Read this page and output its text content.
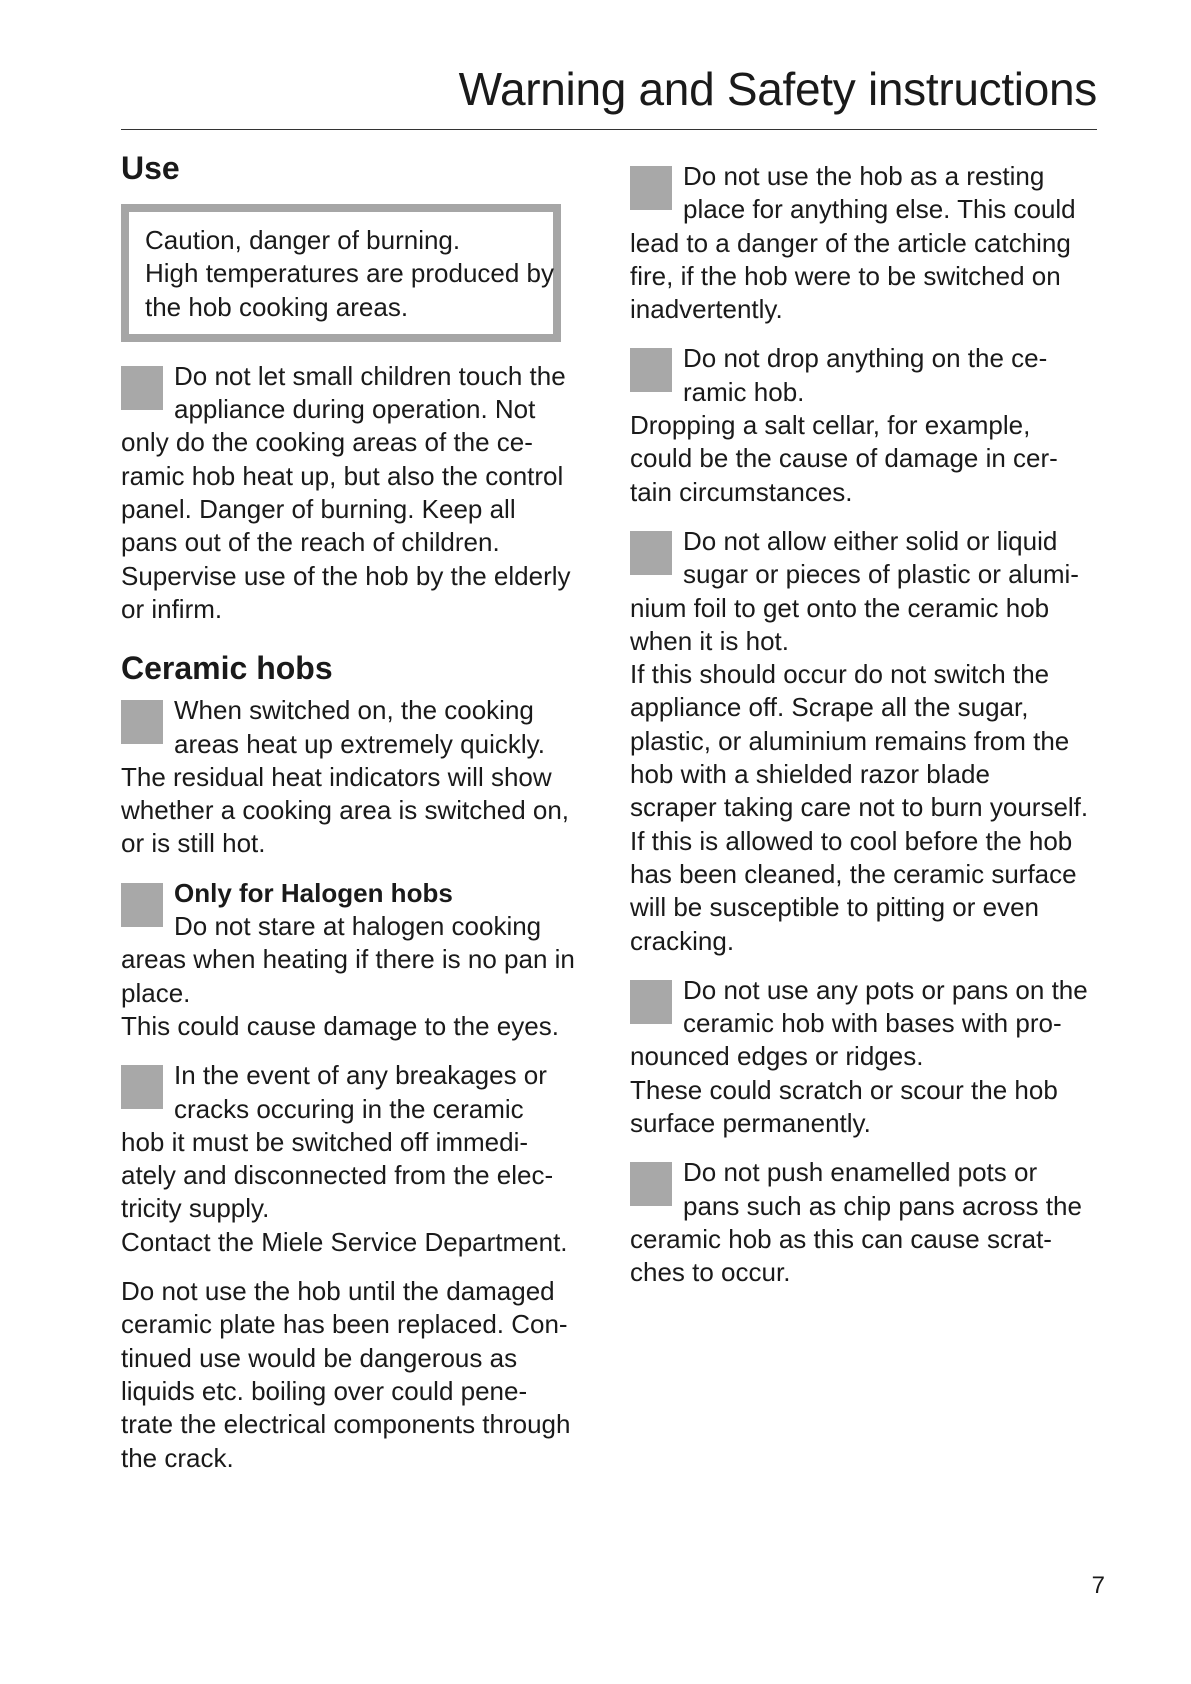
Warning and Safety instructions
Use
Caution, danger of burning.
High temperatures are produced by
the hob cooking areas.
Do not let small children touch the
appliance during operation. Not
only do the cooking areas of the ce-
ramic hob heat up, but also the control
panel. Danger of burning. Keep all
pans out of the reach of children.
Supervise use of the hob by the elderly
or infirm.
Ceramic hobs
When switched on, the cooking
areas heat up extremely quickly.
The residual heat indicators will show
whether a cooking area is switched on,
or is still hot.
Only for Halogen hobs
Do not stare at halogen cooking
areas when heating if there is no pan in
place.
This could cause damage to the eyes.
In the event of any breakages or
cracks occuring in the ceramic
hob it must be switched off immedi-
ately and disconnected from the elec-
tricity supply.
Contact the Miele Service Department.
Do not use the hob until the damaged
ceramic plate has been replaced. Con-
tinued use would be dangerous as
liquids etc. boiling over could pene-
trate the electrical components through
the crack.
Do not use the hob as a resting
place for anything else. This could
lead to a danger of the article catching
fire, if the hob were to be switched on
inadvertently.
Do not drop anything on the ce-
ramic hob.
Dropping a salt cellar, for example,
could be the cause of damage in cer-
tain circumstances.
Do not allow either solid or liquid
sugar or pieces of plastic or alumi-
nium foil to get onto the ceramic hob
when it is hot.
If this should occur do not switch the
appliance off. Scrape all the sugar,
plastic, or aluminium remains from the
hob with a shielded razor blade
scraper taking care not to burn yourself.
If this is allowed to cool before the hob
has been cleaned, the ceramic surface
will be susceptible to pitting or even
cracking.
Do not use any pots or pans on the
ceramic hob with bases with pro-
nounced edges or ridges.
These could scratch or scour the hob
surface permanently.
Do not push enamelled pots or
pans such as chip pans across the
ceramic hob as this can cause scrat-
ches to occur.
7
